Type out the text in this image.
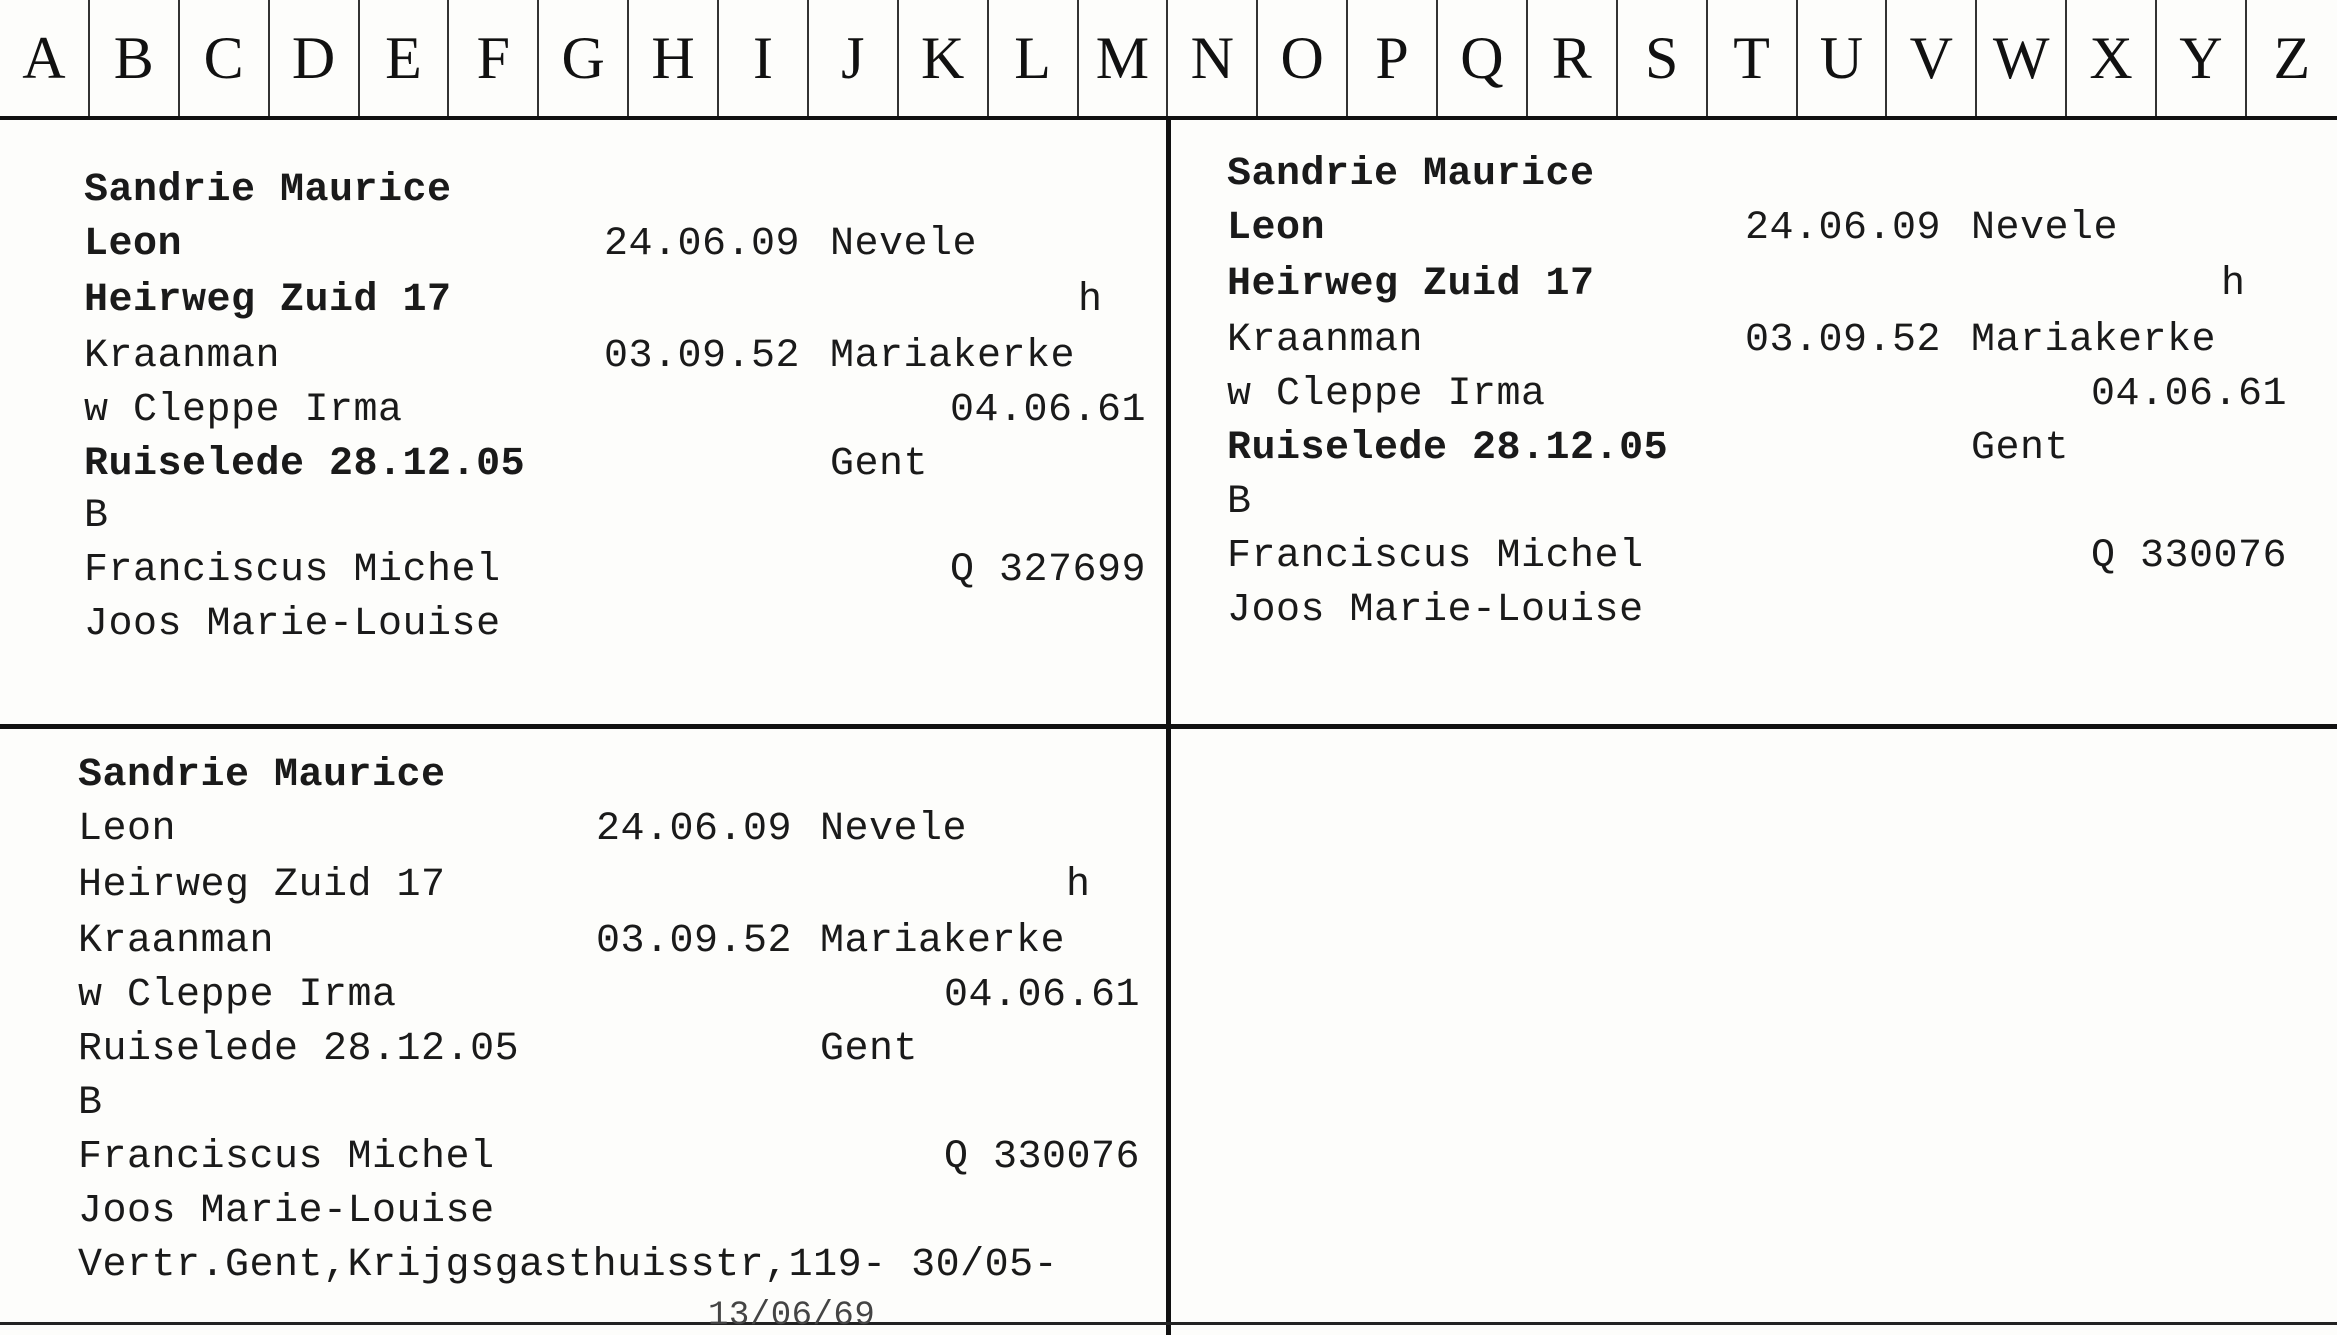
A B C D E F G H I	J K L M N O P Q R S T U V W X Y Z
Sandrie Maurice
Leon	24.06.09 Nevele
Heirweg Zuid 17	h
Kraanman	03.09.52 Mariakerke
w Cleppe Irma	04.06.61
Ruiselede 28.12.05	Gent
B
Franciscus Michel	Q 327699
Joos Marie-Louise
Sandrie Maurice
Leon	24.06.09 Nevele
Heirweg Zuid 17	h
Kraanman	03.09.52 Mariakerke
w Cleppe Irma	04.06.61
Ruiselede 28.12.05	Gent
B
Franciscus Michel	Q 330076
Joos Marie-Louise
Sandrie Maurice
Leon	24.06.09 Nevele
Heirweg Zuid 17	h
Kraanman	03.09.52 Mariakerke
w Cleppe Irma	04.06.61
Ruiselede 28.12.05	Gent
B
Franciscus Michel	Q 330076
Joos Marie-Louise
Vertr.Gent,Krijgsgasthuisstr,119- 30/05-
13/06/69
